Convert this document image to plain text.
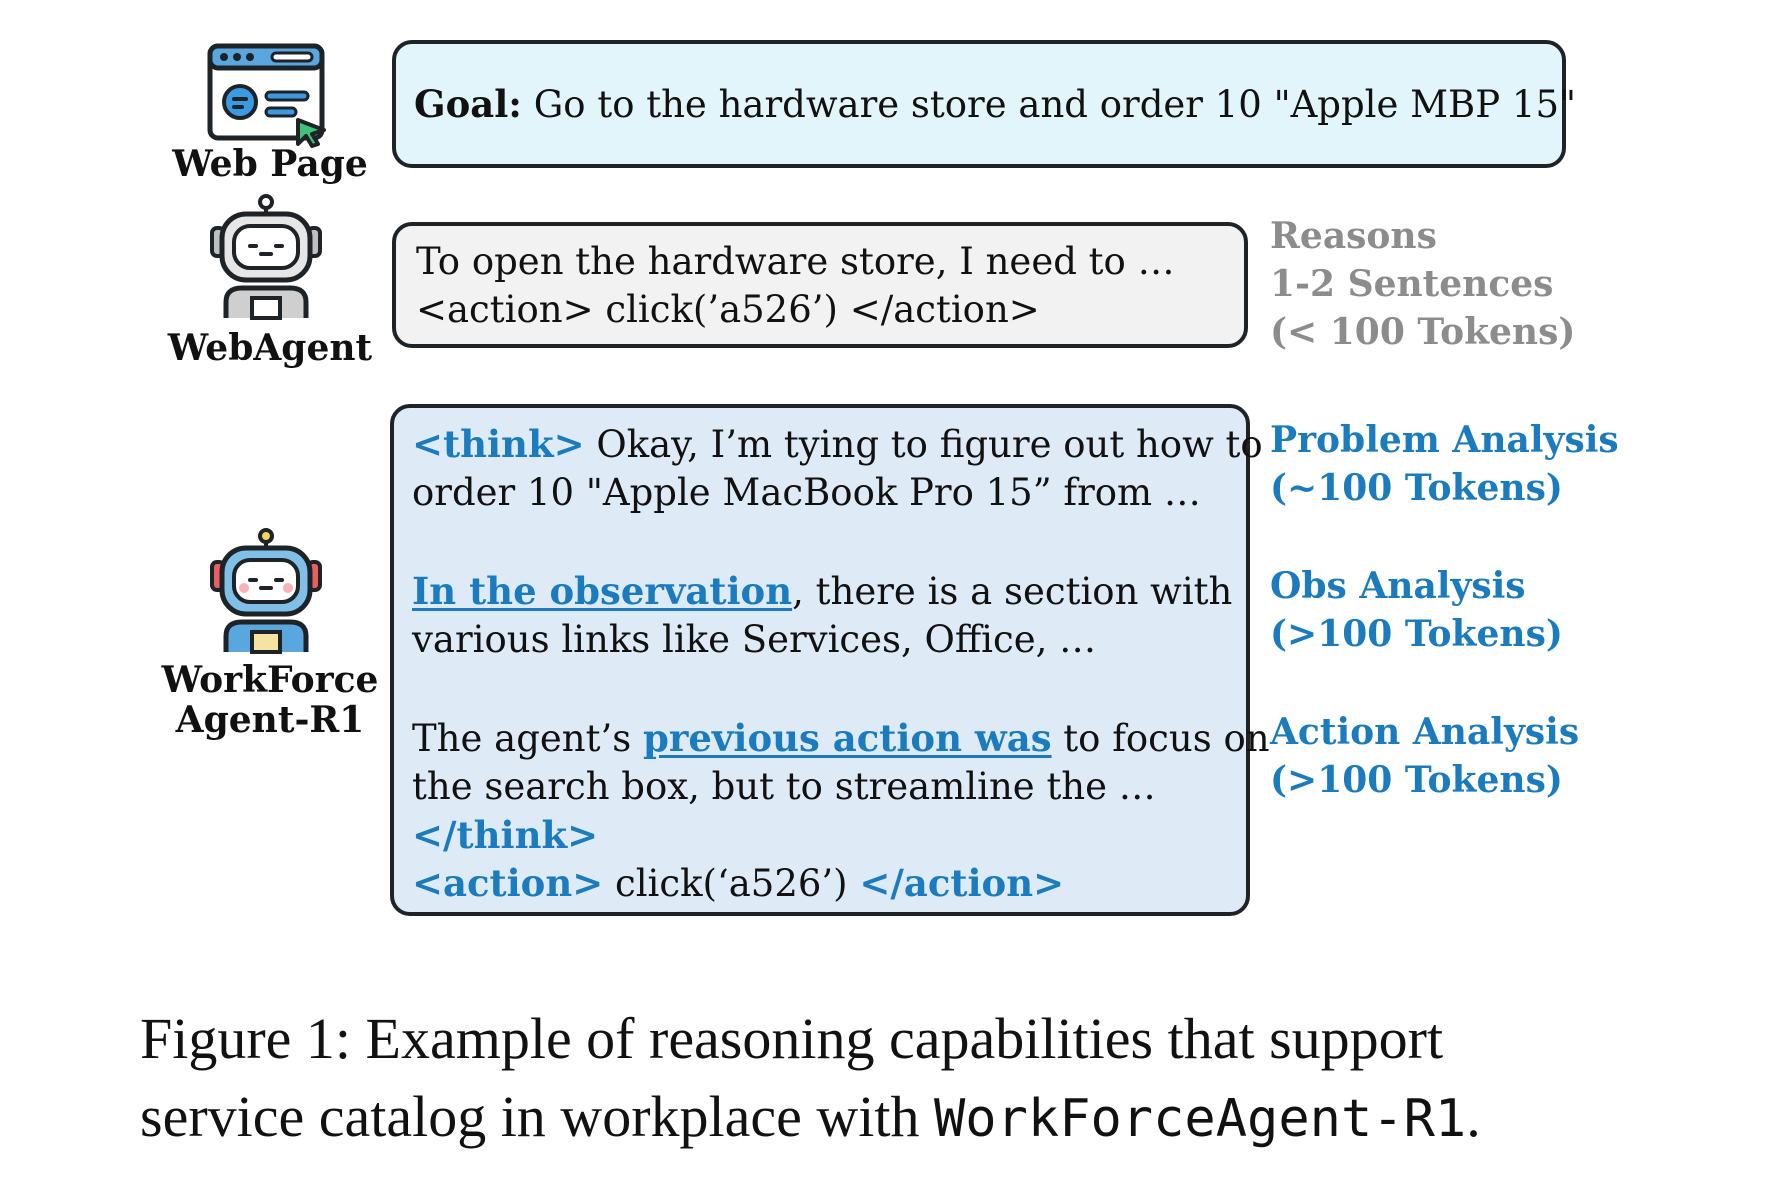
Web Page
WebAgent
WorkForce
Agent-R1
Goal: Go to the hardware store and order 10 "Apple MBP 15"
To open the hardware store, I need to …
<action> click(’a526’) </action>
Reasons
1-2 Sentences
(< 100 Tokens)
<think> Okay, I’m tying to figure out how to
order 10 "Apple MacBook Pro 15” from …
In the observation, there is a section with
various links like Services, Office, …
The agent’s previous action was to focus on
the search box, but to streamline the …
</think>
<action> click(‘a526’) </action>
Problem Analysis
(~100 Tokens)
Obs Analysis
(>100 Tokens)
Action Analysis
(>100 Tokens)
Figure 1: Example of reasoning capabilities that support
service catalog in workplace with WorkForceAgent-R1.
